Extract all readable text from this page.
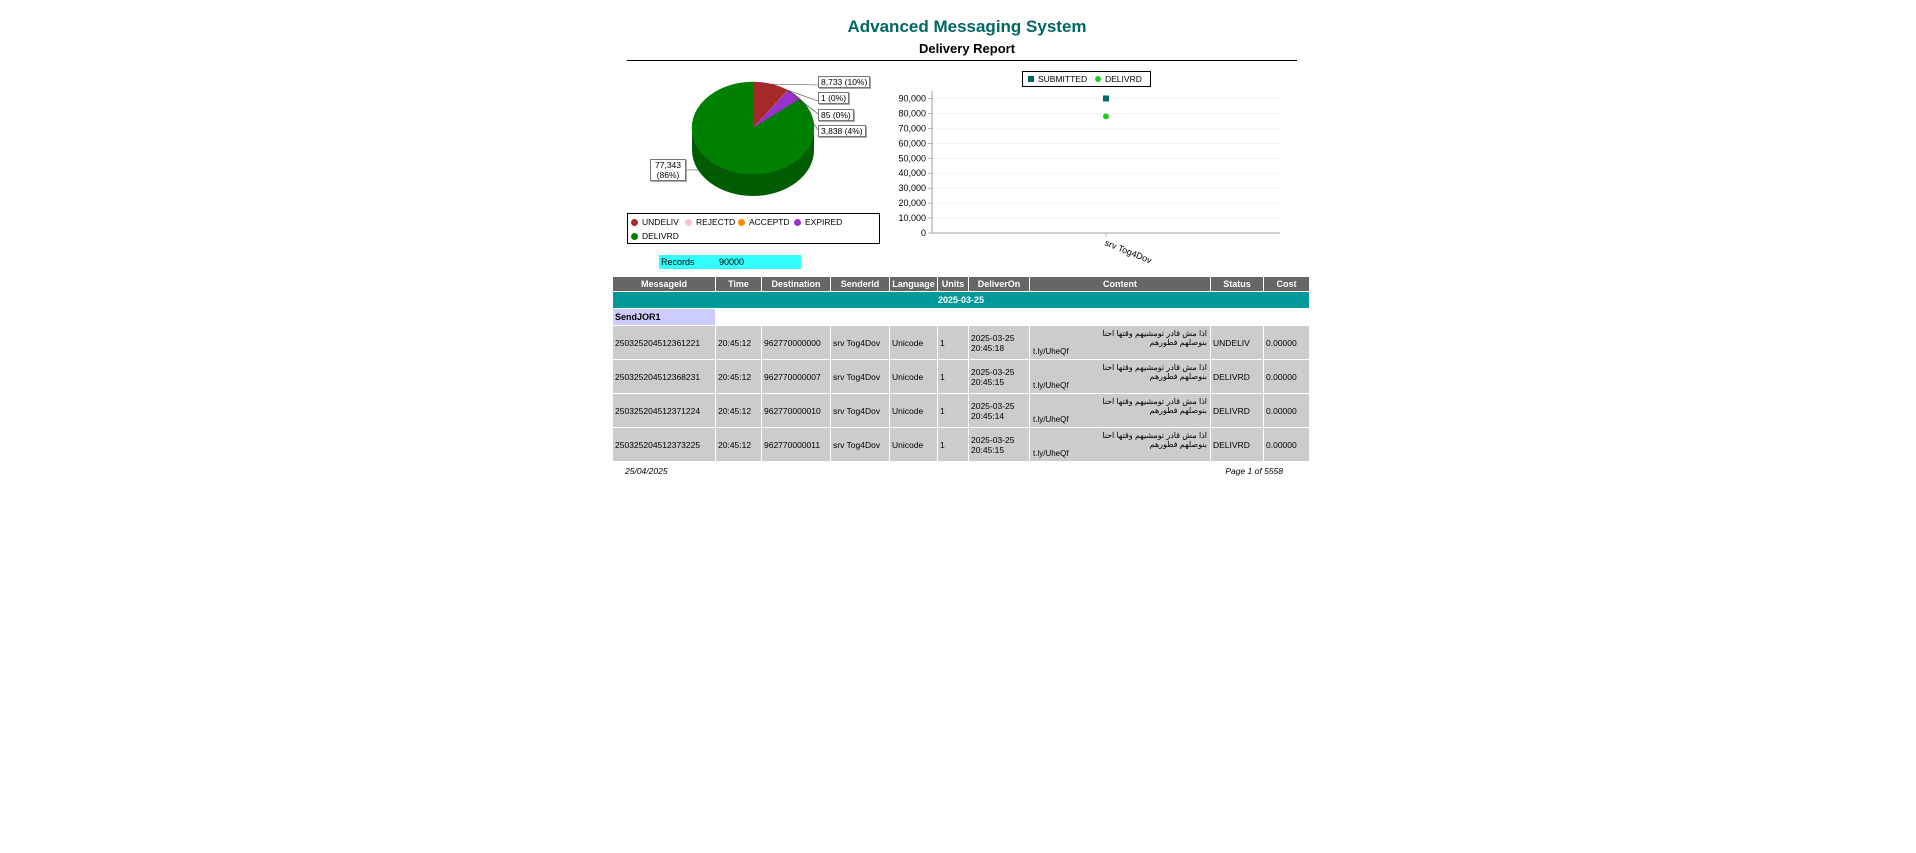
Advanced Messaging System
Delivery Report
8,733 (10%)
1 (0%)
85 (0%)
3,838 (4%)
77,343 (86%)
UNDELIV REJECTD ACCEPTD EXPIRED
DELIVRD
SUBMITTED DELIVRD
0
10,000
20,000
30,000
40,000
50,000
60,000
70,000
80,000
90,000
srv Tog4Dov
Records	90000
MessageId	Time	Destination	SenderId	Language	Units	DeliverOn	Content	Status	Cost
2025-03-25									
SendJOR1									
250325204512361221	20:45:12	962770000000	srv Tog4Dov	Unicode	1	2025-03-25 20:45:18	اذا مش قادر تومشيهم وقتها احنا
بنوصلهم فطورهم
t.ly/UheQf	UNDELIV	0.00000
250325204512368231	20:45:12	962770000007	srv Tog4Dov	Unicode	1	2025-03-25 20:45:15	اذا مش قادر تومشيهم وقتها احنا
بنوصلهم فطورهم
t.ly/UheQf	DELIVRD	0.00000
250325204512371224	20:45:12	962770000010	srv Tog4Dov	Unicode	1	2025-03-25 20:45:14	اذا مش قادر تومشيهم وقتها احنا
بنوصلهم فطورهم
t.ly/UheQf	DELIVRD	0.00000
250325204512373225	20:45:12	962770000011	srv Tog4Dov	Unicode	1	2025-03-25 20:45:15	اذا مش قادر تومشيهم وقتها احنا
بنوصلهم فطورهم
t.ly/UheQf	DELIVRD	0.00000
25/04/2025	Page 1 of 5558
